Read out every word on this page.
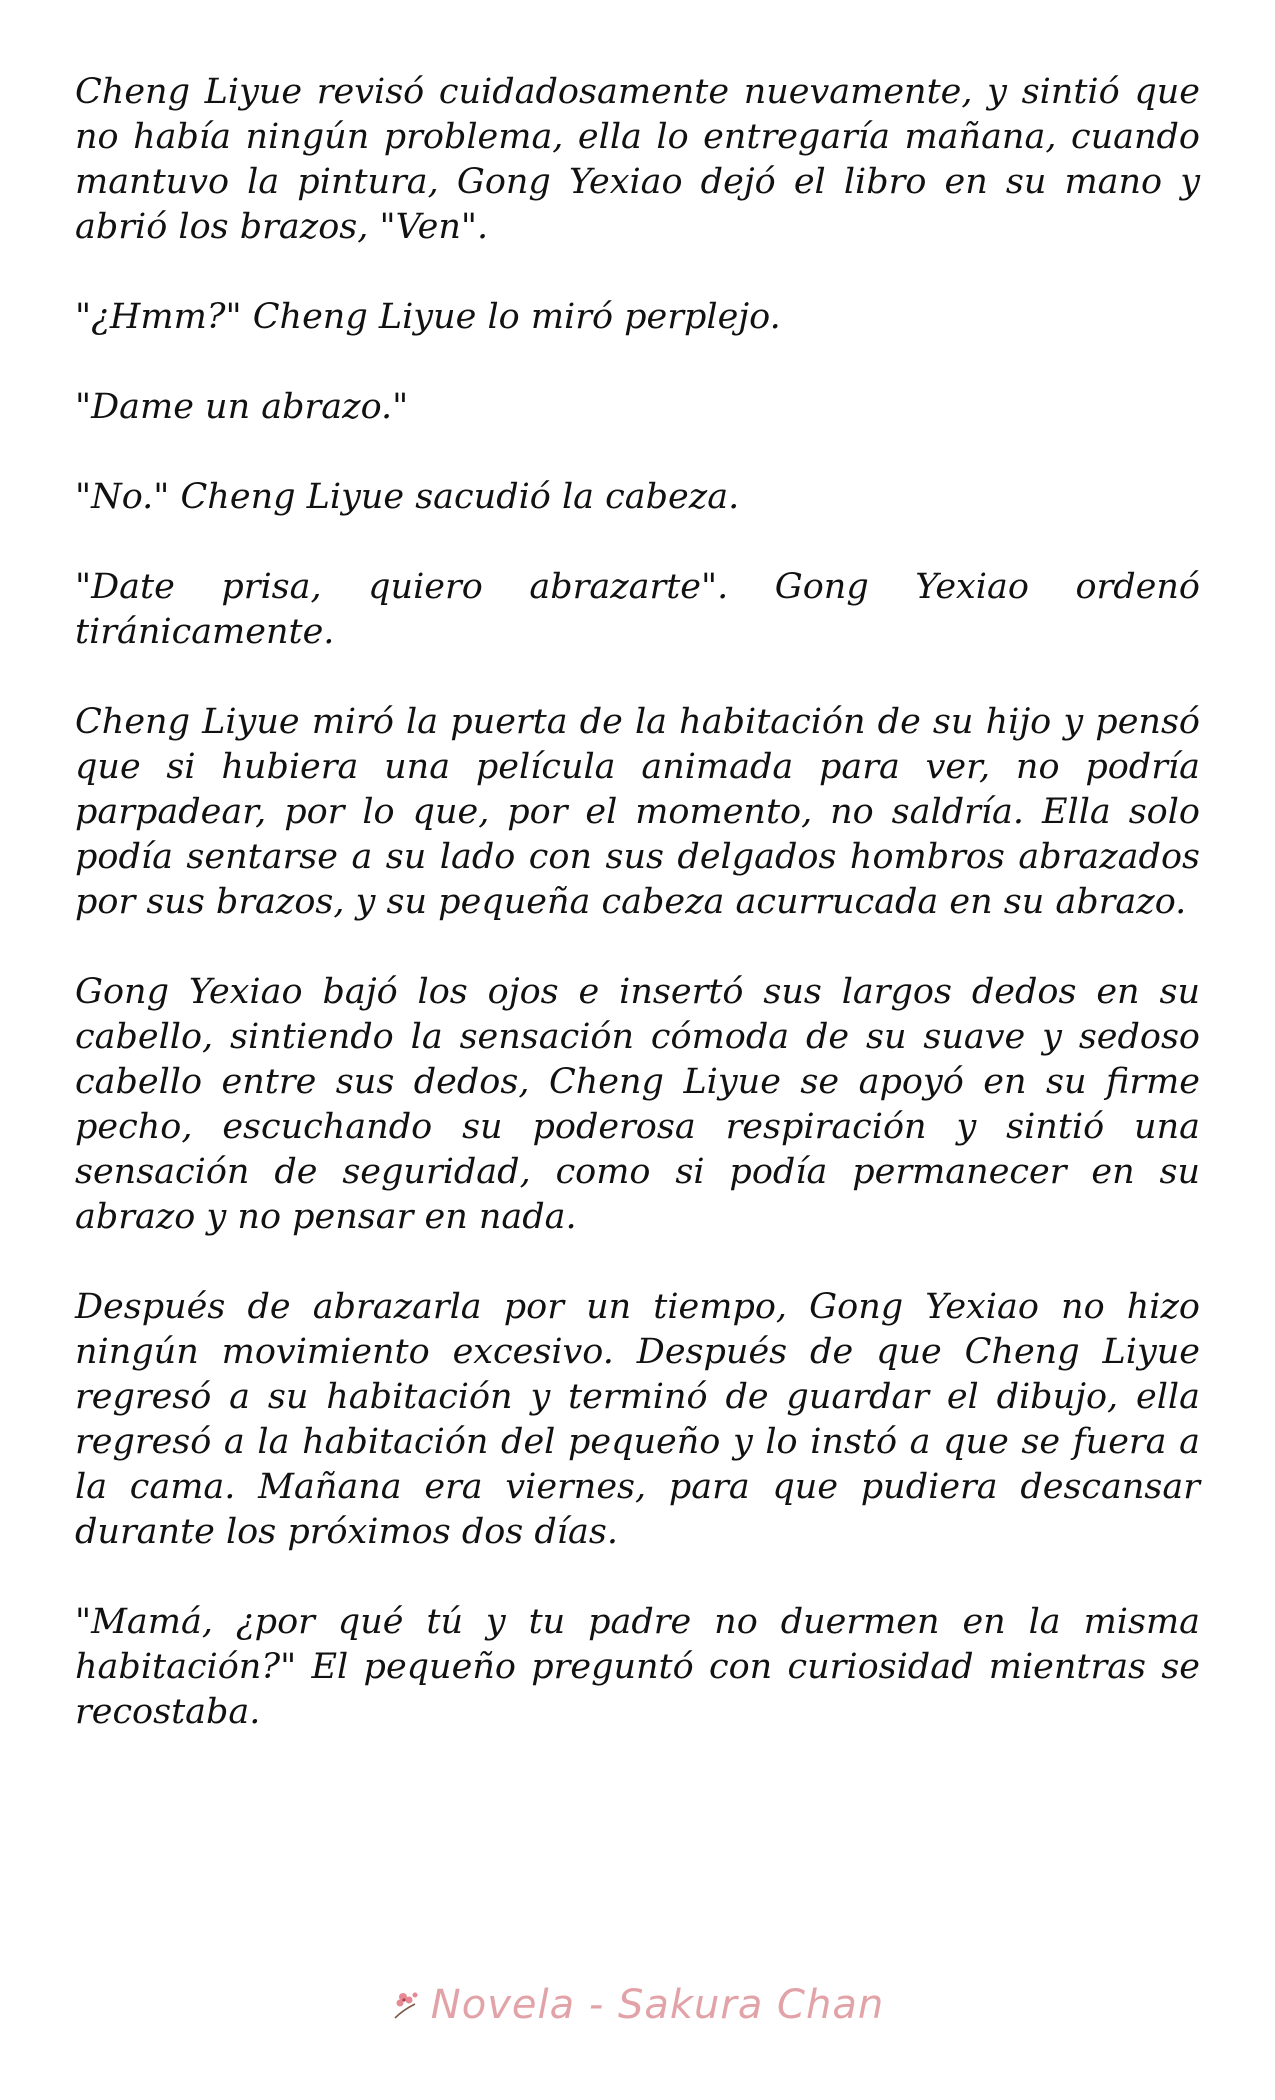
Cheng Liyue revisó cuidadosamente nuevamente, y sintió que no había ningún problema, ella lo entregaría mañana, cuando mantuvo la pintura, Gong Yexiao dejó el libro en su mano y abrió los brazos, "Ven".

"¿Hmm?" Cheng Liyue lo miró perplejo.

"Dame un abrazo."

"No." Cheng Liyue sacudió la cabeza.

"Date prisa, quiero abrazarte". Gong Yexiao ordenó tiránicamente.

Cheng Liyue miró la puerta de la habitación de su hijo y pensó que si hubiera una película animada para ver, no podría parpadear, por lo que, por el momento, no saldría. Ella solo podía sentarse a su lado con sus delgados hombros abrazados por sus brazos, y su pequeña cabeza acurrucada en su abrazo.

Gong Yexiao bajó los ojos e insertó sus largos dedos en su cabello, sintiendo la sensación cómoda de su suave y sedoso cabello entre sus dedos, Cheng Liyue se apoyó en su firme pecho, escuchando su poderosa respiración y sintió una sensación de seguridad, como si podía permanecer en su abrazo y no pensar en nada.

Después de abrazarla por un tiempo, Gong Yexiao no hizo ningún movimiento excesivo. Después de que Cheng Liyue regresó a su habitación y terminó de guardar el dibujo, ella regresó a la habitación del pequeño y lo instó a que se fuera a la cama. Mañana era viernes, para que pudiera descansar durante los próximos dos días.

"Mamá, ¿por qué tú y tu padre no duermen en la misma habitación?" El pequeño preguntó con curiosidad mientras se recostaba.

Novela - Sakura Chan
